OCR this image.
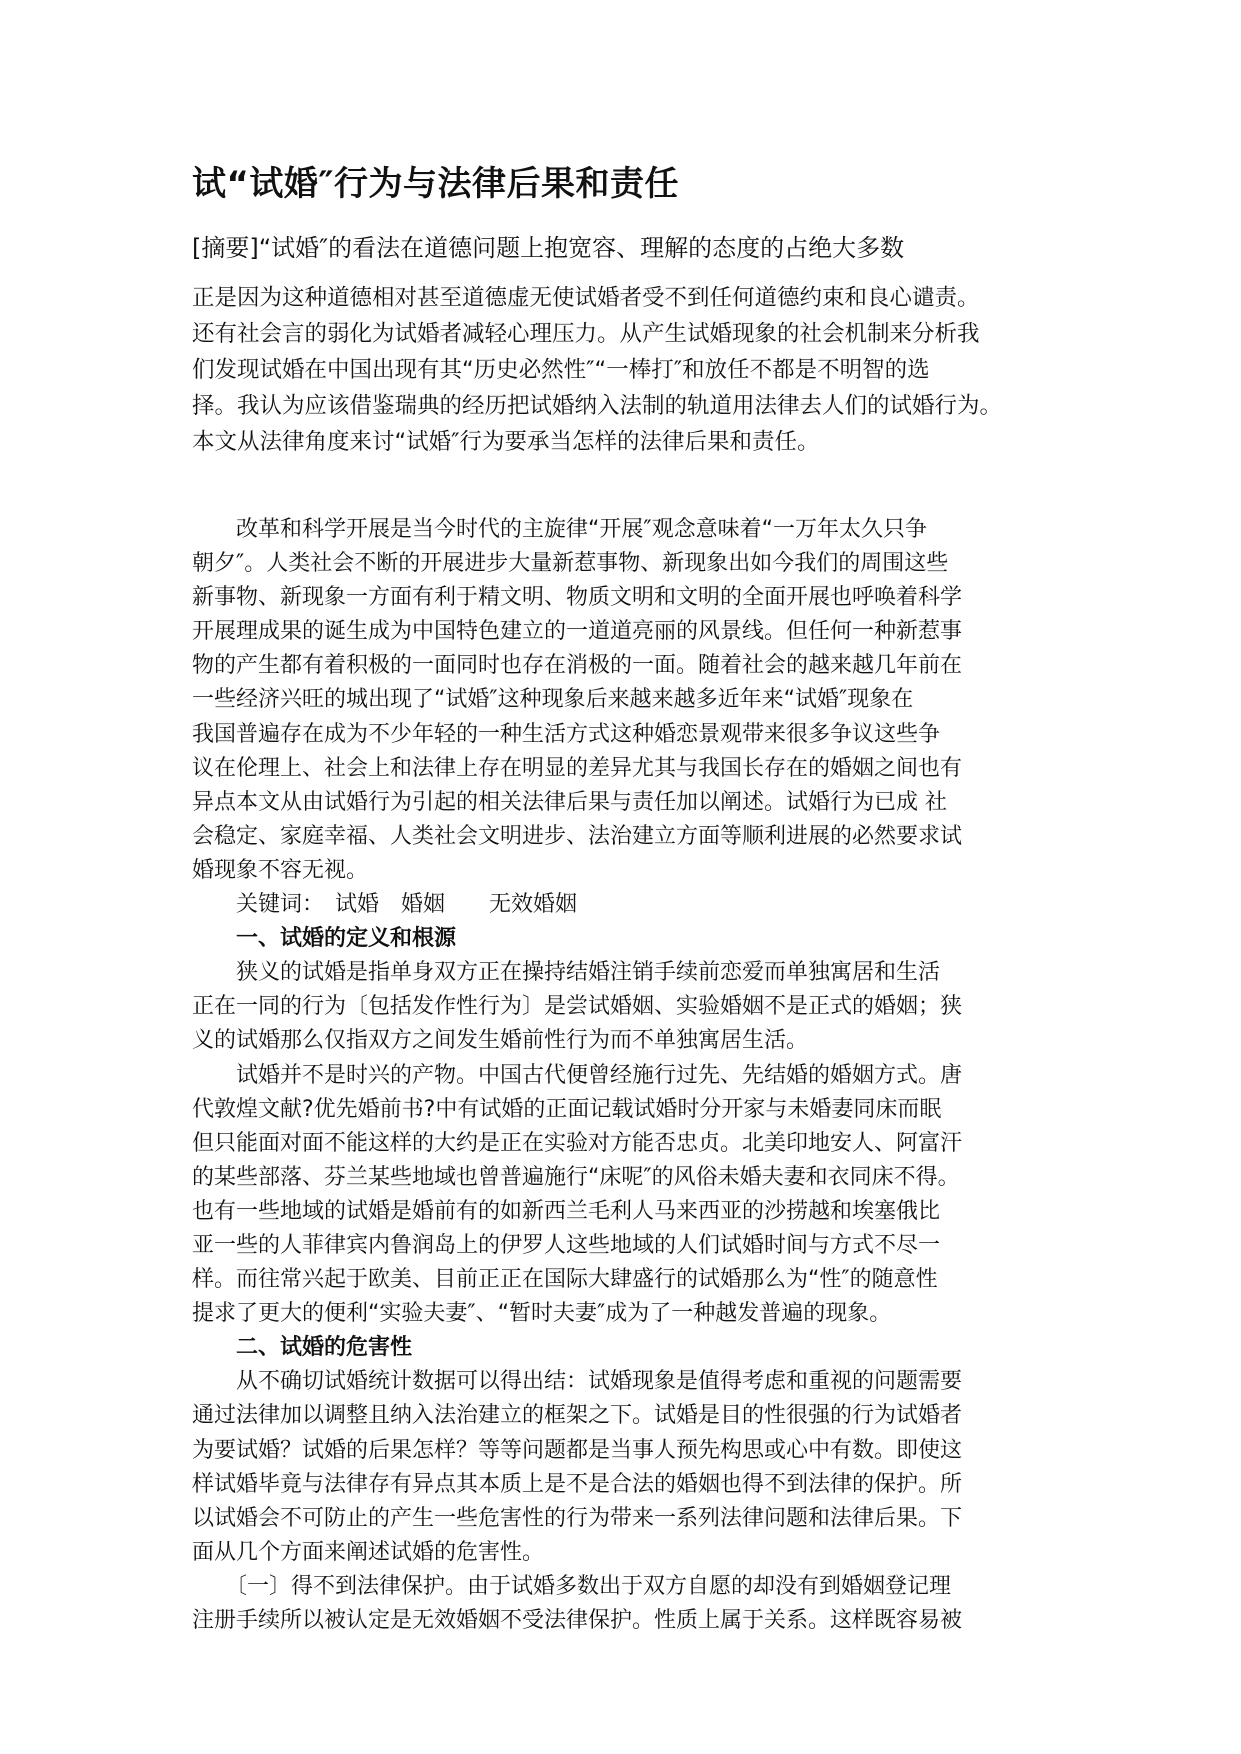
试“试婚″行为与法律后果和责任
[摘要]“试婚″的看法在道德问题上抱宽容、理解的态度的占绝大多数
正是因为这种道德相对甚至道德虚无使试婚者受不到任何道德约束和良心谴责。
还有社会言的弱化为试婚者减轻心理压力。从产生试婚现象的社会机制来分析我
们发现试婚在中国出现有其“历史必然性″“一棒打″和放任不都是不明智的选
择。我认为应该借鉴瑞典的经历把试婚纳入法制的轨道用法律去人们的试婚行为。
本文从法律角度来讨“试婚″行为要承当怎样的法律后果和责任。
　　改革和科学开展是当今时代的主旋律“开展″观念意味着“一万年太久只争
朝夕″。人类社会不断的开展进步大量新惹事物、新现象出如今我们的周围这些
新事物、新现象一方面有利于精文明、物质文明和文明的全面开展也呼唤着科学
开展理成果的诞生成为中国特色建立的一道道亮丽的风景线。但任何一种新惹事
物的产生都有着积极的一面同时也存在消极的一面。随着社会的越来越几年前在
一些经济兴旺的城出现了“试婚″这种现象后来越来越多近年来“试婚″现象在
我国普遍存在成为不少年轻的一种生活方式这种婚恋景观带来很多争议这些争
议在伦理上、社会上和法律上存在明显的差异尤其与我国长存在的婚姻之间也有
异点本文从由试婚行为引起的相关法律后果与责任加以阐述。试婚行为已成 社
会稳定、家庭幸福、人类社会文明进步、法治建立方面等顺利进展的必然要求试
婚现象不容无视。
　　关键词：　试婚　婚姻　　无效婚姻
　　一、试婚的定义和根源
　　狭义的试婚是指单身双方正在操持结婚注销手续前恋爱而单独寓居和生活
正在一同的行为〔包括发作性行为〕是尝试婚姻、实验婚姻不是正式的婚姻；狭
义的试婚那么仅指双方之间发生婚前性行为而不单独寓居生活。
　　试婚并不是时兴的产物。中国古代便曾经施行过先、先结婚的婚姻方式。唐
代敦煌文献?优先婚前书?中有试婚的正面记载试婚时分开家与未婚妻同床而眠
但只能面对面不能这样的大约是正在实验对方能否忠贞。北美印地安人、阿富汗
的某些部落、芬兰某些地域也曾普遍施行“床呢″的风俗未婚夫妻和衣同床不得。
也有一些地域的试婚是婚前有的如新西兰毛利人马来西亚的沙捞越和埃塞俄比
亚一些的人菲律宾内鲁润岛上的伊罗人这些地域的人们试婚时间与方式不尽一
样。而往常兴起于欧美、目前正正在国际大肆盛行的试婚那么为“性″的随意性
提求了更大的便利“实验夫妻″、“暂时夫妻″成为了一种越发普遍的现象。
　　二、试婚的危害性
　　从不确切试婚统计数据可以得出结：试婚现象是值得考虑和重视的问题需要
通过法律加以调整且纳入法治建立的框架之下。试婚是目的性很强的行为试婚者
为要试婚？试婚的后果怎样？等等问题都是当事人预先构思或心中有数。即使这
样试婚毕竟与法律存有异点其本质上是不是合法的婚姻也得不到法律的保护。所
以试婚会不可防止的产生一些危害性的行为带来一系列法律问题和法律后果。下
面从几个方面来阐述试婚的危害性。
　　〔一〕得不到法律保护。由于试婚多数出于双方自愿的却没有到婚姻登记理
注册手续所以被认定是无效婚姻不受法律保护。性质上属于关系。这样既容易被
